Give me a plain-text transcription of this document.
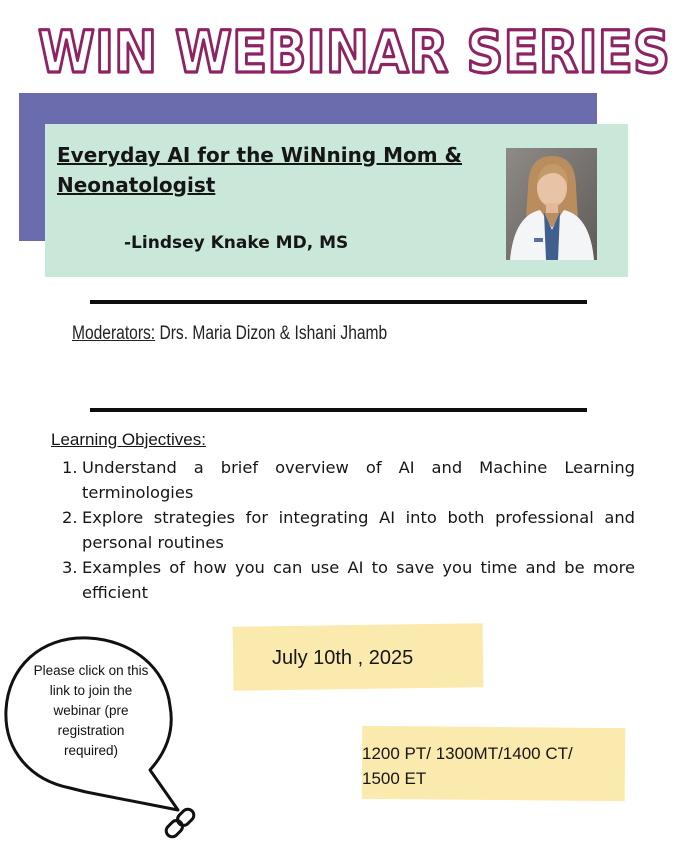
WIN WEBINAR SERIES
Everyday AI for the WiNning Mom & Neonatologist
-Lindsey Knake MD, MS
Moderators: Drs. Maria Dizon & Ishani Jhamb
Learning Objectives:
1. Understand a brief overview of AI and Machine Learning terminologies
2. Explore strategies for integrating AI into both professional and personal routines
3. Examples of how you can use AI to save you time and be more efficient
July 10th , 2025
1200 PT/ 1300MT/1400 CT/
1500 ET
Please click on this
link to join the
webinar (pre
registration
required)
